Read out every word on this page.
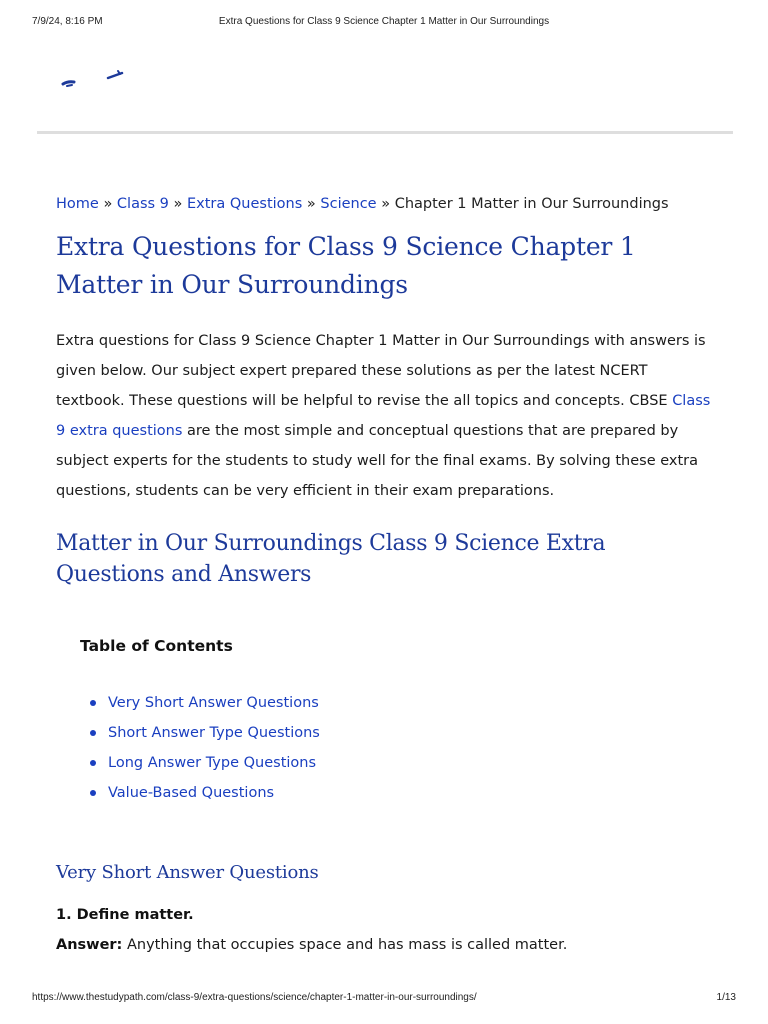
7/9/24, 8:16 PM	Extra Questions for Class 9 Science Chapter 1 Matter in Our Surroundings
Home » Class 9 » Extra Questions » Science » Chapter 1 Matter in Our Surroundings
Extra Questions for Class 9 Science Chapter 1
Matter in Our Surroundings

Extra questions for Class 9 Science Chapter 1 Matter in Our Surroundings with answers is given below. Our subject expert prepared these solutions as per the latest NCERT textbook. These questions will be helpful to revise the all topics and concepts. CBSE Class 9 extra questions are the most simple and conceptual questions that are prepared by subject experts for the students to study well for the final exams. By solving these extra questions, students can be very efficient in their exam preparations.

Matter in Our Surroundings Class 9 Science Extra Questions and Answers
Table of Contents
Very Short Answer Questions
Short Answer Type Questions
Long Answer Type Questions
Value-Based Questions
Very Short Answer Questions
1. Define matter.
Answer: Anything that occupies space and has mass is called matter.
https://www.thestudypath.com/class-9/extra-questions/science/chapter-1-matter-in-our-surroundings/	1/13
